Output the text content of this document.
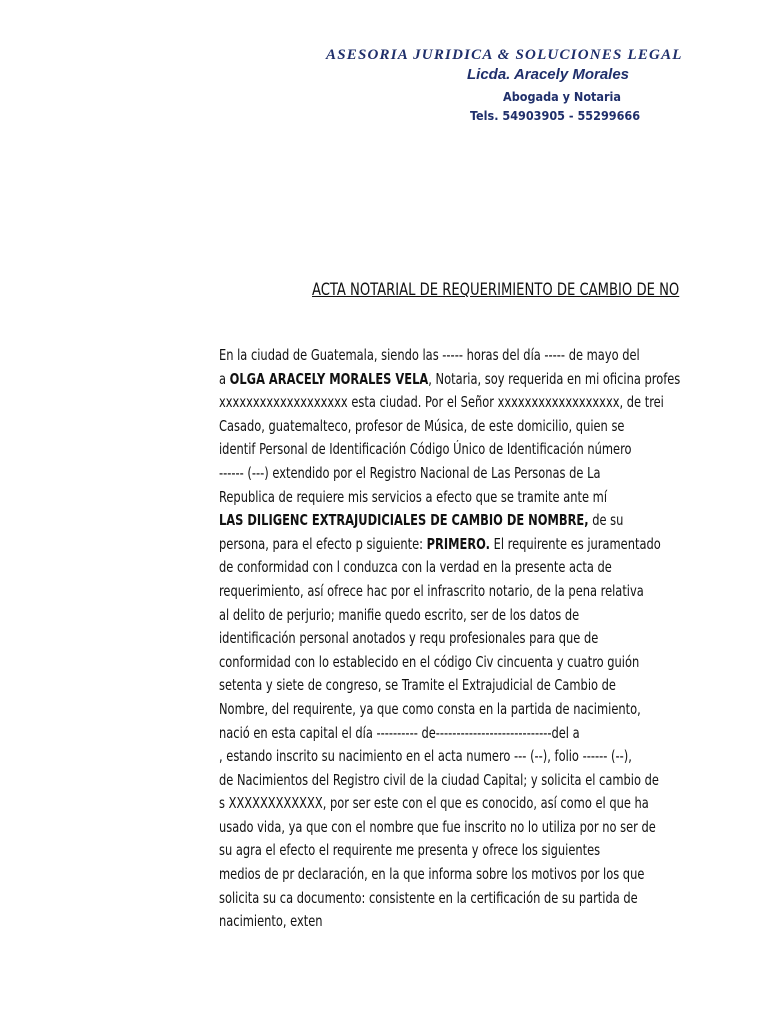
ASESORIA JURIDICA & SOLUCIONES LEGAL
Licda. Aracely Morales
Abogada y Notaria
Tels. 54903905 - 55299666
ACTA NOTARIAL DE REQUERIMIENTO DE CAMBIO DE NO
En la ciudad de Guatemala, siendo las ----- horas del día ----- de mayo del
a OLGA ARACELY MORALES VELA, Notaria, soy requerida en mi oficina profes
xxxxxxxxxxxxxxxxxxx esta ciudad. Por el Señor xxxxxxxxxxxxxxxxxx, de trei
Casado, guatemalteco, profesor de Música, de este domicilio, quien se
identif Personal de Identificación Código Único de Identificación número
------ (---) extendido por el Registro Nacional de Las Personas de La
Republica de requiere mis servicios a efecto que se tramite ante mí
LAS DILIGENC EXTRAJUDICIALES DE CAMBIO DE NOMBRE, de su
persona, para el efecto p siguiente: PRIMERO. El requirente es juramentado
de conformidad con l conduzca con la verdad en la presente acta de
requerimiento, así ofrece hac por el infrascrito notario, de la pena relativa
al delito de perjurio; manifie quedo escrito, ser de los datos de
identificación personal anotados y requ profesionales para que de
conformidad con lo establecido en el código Civ cincuenta y cuatro guión
setenta y siete de congreso, se Tramite el Extrajudicial de Cambio de
Nombre, del requirente, ya que como consta en la partida de nacimiento,
nació en esta capital el día ---------- de----------------------------del a
, estando inscrito su nacimiento en el acta numero --- (--), folio ------ (--),
de Nacimientos del Registro civil de la ciudad Capital; y solicita el cambio de
s XXXXXXXXXXXX, por ser este con el que es conocido, así como el que ha
usado vida, ya que con el nombre que fue inscrito no lo utiliza por no ser de
su agra el efecto el requirente me presenta y ofrece los siguientes
medios de pr declaración, en la que informa sobre los motivos por los que
solicita su ca documento: consistente en la certificación de su partida de
nacimiento, exten
